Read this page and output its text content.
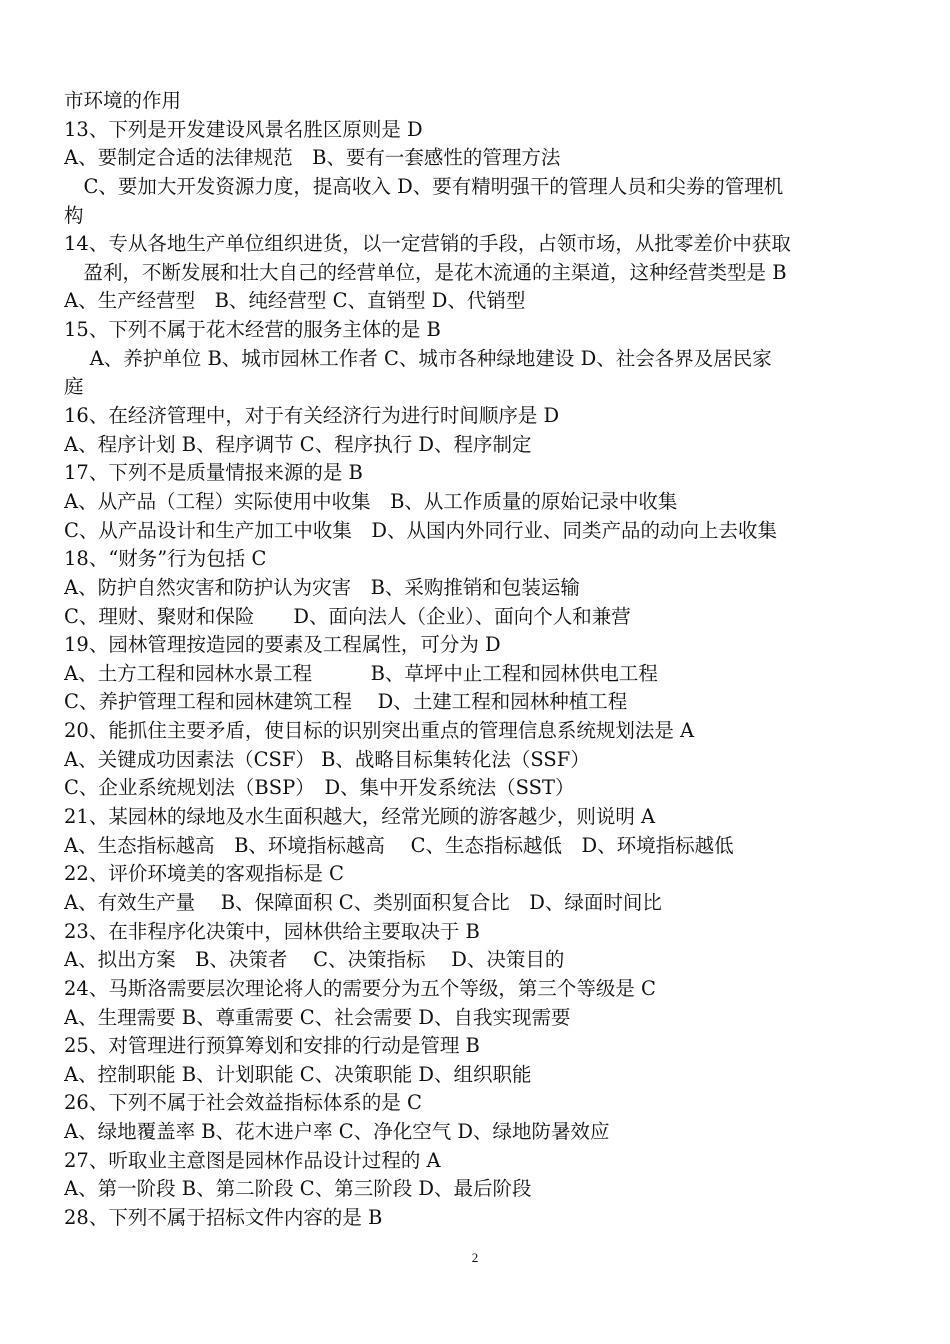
市环境的作用
13、下列是开发建设风景名胜区原则是 D
A、要制定合适的法律规范　B、要有一套感性的管理方法
　C、要加大开发资源力度，提高收入 D、要有精明强干的管理人员和尖劵的管理机
构
14、专从各地生产单位组织进货，以一定营销的手段，占领市场，从批零差价中获取
　盈利，不断发展和壮大自己的经营单位，是花木流通的主渠道，这种经营类型是 B
A、生产经营型　B、纯经营型 C、直销型 D、代销型
15、下列不属于花木经营的服务主体的是 B
　 A、养护单位 B、城市园林工作者 C、城市各种绿地建设 D、社会各界及居民家
庭
16、在经济管理中，对于有关经济行为进行时间顺序是 D
A、程序计划 B、程序调节 C、程序执行 D、程序制定
17、下列不是质量情报来源的是 B
A、从产品（工程）实际使用中收集　B、从工作质量的原始记录中收集
C、从产品设计和生产加工中收集　D、从国内外同行业、同类产品的动向上去收集
18、“财务”行为包括 C
A、防护自然灾害和防护认为灾害　B、采购推销和包装运输
C、理财、聚财和保险　　D、面向法人（企业）、面向个人和兼营
19、园林管理按造园的要素及工程属性，可分为 D
A、土方工程和园林水景工程　　　B、草坪中止工程和园林供电工程
C、养护管理工程和园林建筑工程　 D、土建工程和园林种植工程
20、能抓住主要矛盾，使目标的识别突出重点的管理信息系统规划法是 A
A、关键成功因素法（CSF） B、战略目标集转化法（SSF）
C、企业系统规划法（BSP）　D、集中开发系统法（SST）
21、某园林的绿地及水生面积越大，经常光顾的游客越少，则说明 A
A、生态指标越高　B、环境指标越高　 C、生态指标越低　D、环境指标越低
22、评价环境美的客观指标是 C
A、有效生产量　 B、保障面积 C、类别面积复合比　D、绿面时间比
23、在非程序化决策中，园林供给主要取决于 B
A、拟出方案　B、决策者　 C、决策指标　 D、决策目的
24、马斯洛需要层次理论将人的需要分为五个等级，第三个等级是 C
A、生理需要 B、尊重需要 C、社会需要 D、自我实现需要
25、对管理进行预算筹划和安排的行动是管理 B
A、控制职能 B、计划职能 C、决策职能 D、组织职能
26、下列不属于社会效益指标体系的是 C
A、绿地覆盖率 B、花木进户率 C、净化空气 D、绿地防暑效应
27、听取业主意图是园林作品设计过程的 A
A、第一阶段 B、第二阶段 C、第三阶段 D、最后阶段
28、下列不属于招标文件内容的是 B
2
